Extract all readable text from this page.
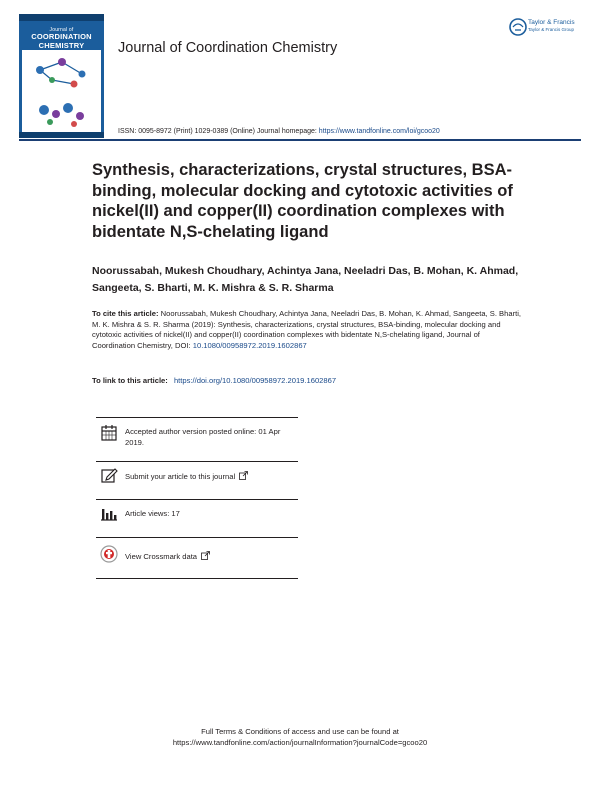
Journal of
COORDINATION CHEMISTRY	Journal of Coordination Chemistry
ISSN: 0095-8972 (Print) 1029-0389 (Online) Journal homepage: https://www.tandfonline.com/loi/gcoo20
Taylor & Francis
Taylor & Francis Group
Synthesis, characterizations, crystal structures, BSA-binding, molecular docking and cytotoxic activities of nickel(II) and copper(II) coordination complexes with bidentate N,S-chelating ligand
Noorussabah, Mukesh Choudhary, Achintya Jana, Neeladri Das, B. Mohan, K. Ahmad, Sangeeta, S. Bharti, M. K. Mishra & S. R. Sharma
To cite this article: Noorussabah, Mukesh Choudhary, Achintya Jana, Neeladri Das, B. Mohan, K. Ahmad, Sangeeta, S. Bharti, M. K. Mishra & S. R. Sharma (2019): Synthesis, characterizations, crystal structures, BSA-binding, molecular docking and cytotoxic activities of nickel(II) and copper(II) coordination complexes with bidentate N,S-chelating ligand, Journal of Coordination Chemistry, DOI: 10.1080/00958972.2019.1602867
To link to this article: https://doi.org/10.1080/00958972.2019.1602867
Accepted author version posted online: 01 Apr 2019.
Submit your article to this journal
Article views: 17
View Crossmark data
Full Terms & Conditions of access and use can be found at
https://www.tandfonline.com/action/journalInformation?journalCode=gcoo20
